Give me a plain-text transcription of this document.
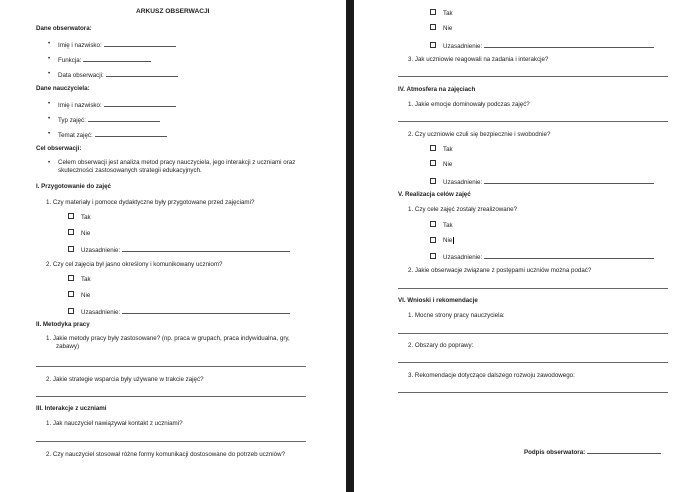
ARKUSZ OBSERWACJI
Dane obserwatora:
• Imię i nazwisko:
• Funkcja:
• Data obserwacji:
Dane nauczyciela:
• Imię i nazwisko:
• Typ zajęć:
• Temat zajęć:
Cel obserwacji:
• Celem obserwacji jest analiza metod pracy nauczyciela, jego interakcji z uczniami oraz skuteczności zastosowanych strategii edukacyjnych.
I. Przygotowanie do zajęć
1. Czy materiały i pomoce dydaktyczne były przygotowane przed zajęciami?
Tak
Nie
Uzasadnienie:
2. Czy cel zajęcia był jasno określony i komunikowany uczniom?
Tak
Nie
Uzasadnienie:
II. Metodyka pracy
1. Jakie metody pracy były zastosowane? (np. praca w grupach, praca indywidualna, gry, zabawy)
2. Jakie strategie wsparcia były używane w trakcie zajęć?
III. Interakcje z uczniami
1. Jak nauczyciel nawiązywał kontakt z uczniami?
2. Czy nauczyciel stosował różne formy komunikacji dostosowane do potrzeb uczniów?
Tak
Nie
Uzasadnienie:
3. Jak uczniowie reagowali na zadania i interakcje?
IV. Atmosfera na zajęciach
1. Jakie emocje dominowały podczas zajęć?
2. Czy uczniowie czuli się bezpiecznie i swobodnie?
Tak
Nie
Uzasadnienie:
V. Realizacja celów zajęć
1. Czy cele zajęć zostały zrealizowane?
Tak
Nie
Uzasadnienie:
2. Jakie obserwacje związane z postępami uczniów można podać?
VI. Wnioski i rekomendacje
1. Mocne strony pracy nauczyciela:
2. Obszary do poprawy:
3. Rekomendacje dotyczące dalszego rozwoju zawodowego:
Podpis obserwatora:
